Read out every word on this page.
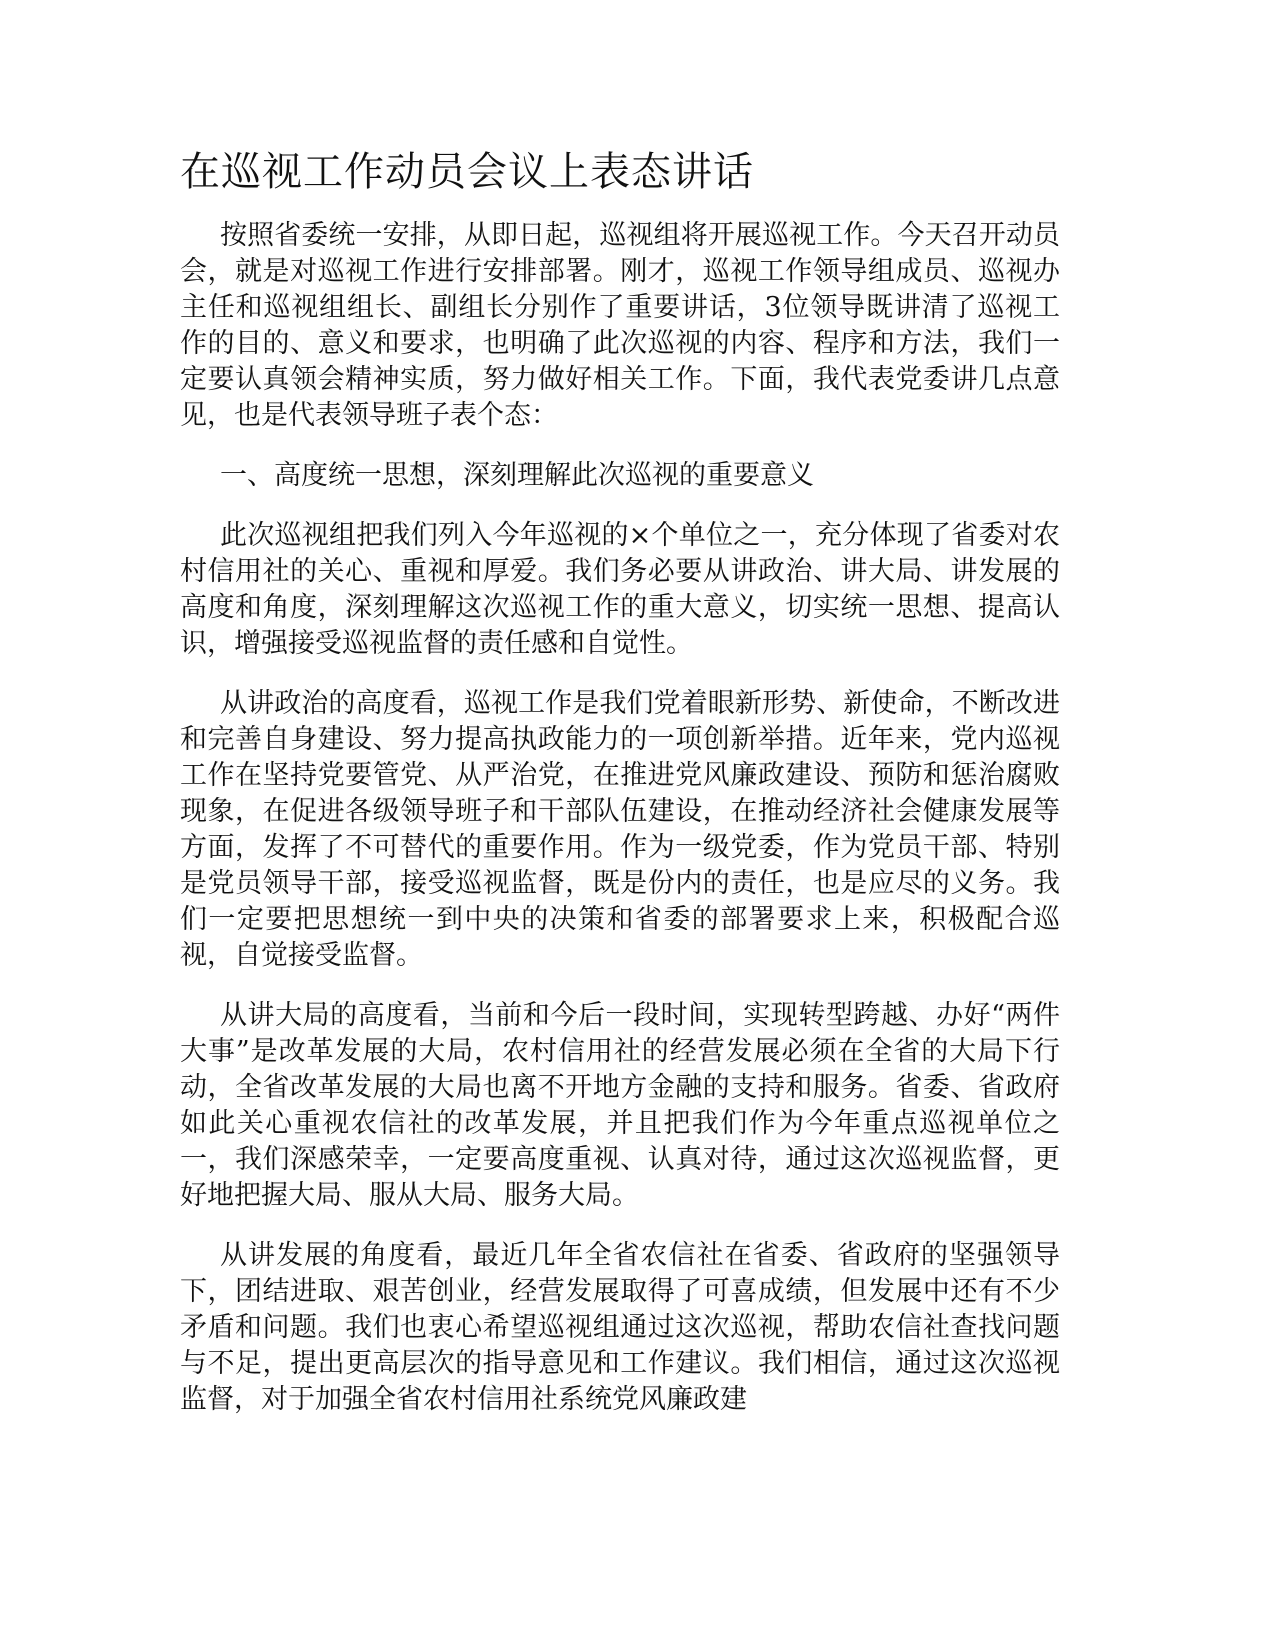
在巡视工作动员会议上表态讲话

按照省委统一安排，从即日起，巡视组将开展巡视工作。今天召开动员会，就是对巡视工作进行安排部署。刚才，巡视工作领导组成员、巡视办主任和巡视组组长、副组长分别作了重要讲话，3位领导既讲清了巡视工作的目的、意义和要求，也明确了此次巡视的内容、程序和方法，我们一定要认真领会精神实质，努力做好相关工作。下面，我代表党委讲几点意见，也是代表领导班子表个态：

一、高度统一思想，深刻理解此次巡视的重要意义

此次巡视组把我们列入今年巡视的×个单位之一，充分体现了省委对农村信用社的关心、重视和厚爱。我们务必要从讲政治、讲大局、讲发展的高度和角度，深刻理解这次巡视工作的重大意义，切实统一思想、提高认识，增强接受巡视监督的责任感和自觉性。

从讲政治的高度看，巡视工作是我们党着眼新形势、新使命，不断改进和完善自身建设、努力提高执政能力的一项创新举措。近年来，党内巡视工作在坚持党要管党、从严治党，在推进党风廉政建设、预防和惩治腐败现象，在促进各级领导班子和干部队伍建设，在推动经济社会健康发展等方面，发挥了不可替代的重要作用。作为一级党委，作为党员干部、特别是党员领导干部，接受巡视监督，既是份内的责任，也是应尽的义务。我们一定要把思想统一到中央的决策和省委的部署要求上来，积极配合巡视，自觉接受监督。

从讲大局的高度看，当前和今后一段时间，实现转型跨越、办好“两件大事”是改革发展的大局，农村信用社的经营发展必须在全省的大局下行动，全省改革发展的大局也离不开地方金融的支持和服务。省委、省政府如此关心重视农信社的改革发展，并且把我们作为今年重点巡视单位之一，我们深感荣幸，一定要高度重视、认真对待，通过这次巡视监督，更好地把握大局、服从大局、服务大局。

从讲发展的角度看，最近几年全省农信社在省委、省政府的坚强领导下，团结进取、艰苦创业，经营发展取得了可喜成绩，但发展中还有不少矛盾和问题。我们也衷心希望巡视组通过这次巡视，帮助农信社查找问题与不足，提出更高层次的指导意见和工作建议。我们相信，通过这次巡视监督，对于加强全省农村信用社系统党风廉政建
